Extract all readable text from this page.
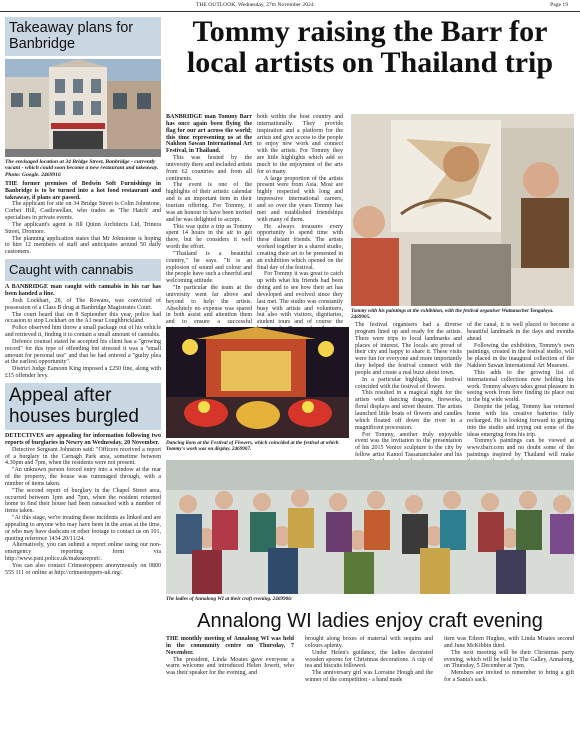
THE OUTLOOK, Wednesday, 27th November 2024	Page 19
Takeaway plans for Banbridge
The envisaged location at 34 Bridge Street, Banbridge - currently vacant - which could soon become a new restaurant and takeaway. Photo: Google. 2469916
THE former premises of Bedwin Soft Furnishings in Banbridge is to be turned into a hot food restaurant and takeaway, if plans are passed.
The applicant for site on 34 Bridge Street is Colin Johnstone, Corbet Hill, Castlewellan, who trades as 'The Hatch' and specialises in private events.
The applicant's agent is Jill Quinn Architects Ltd, Trinera Street, Dromore.
The planning application states that Mr Johnstone is hoping to hire 12 members of staff and anticipates around 50 daily customers.
Caught with cannabis
A BANBRIDGE man caught with cannabis in his car has been handed a fine.
Josh Lockhart, 28, of The Rowans, was convicted of possession of a Class B drug at Banbridge Magistrates Court.
The court heard that on 8 September this year, police had occasion to stop Lockhart on the A1 near Loughbrickland.
Police observed him throw a small package out of his vehicle and retrieved it, finding it to contain a small amount of cannabis.
Defence counsel stated he accepted his client has a "growing record" for this type of offending but stressed it was a "small amount for personal use" and that he had entered a "guilty plea at the earliest opportunity".
District Judge Eamonn King imposed a £250 fine, along with £15 offender levy.
Appeal after houses burgled
DETECTIVES are appealing for information following two reports of burglaries in Newry on Wednesday, 20 November.
Detective Sergeant Johnston said: "Officers received a report of a burglary in the Carnagh Park area, sometime between 4.30pm and 7pm, when the residents were not present.
"An unknown person forced entry into a window at the rear of the property, the house was rummaged through, with a number of items taken.
"The second report of burglary in the Chapel Street area, occurred between 1pm and 7pm, when the resident returned home to find their house had been ransacked with a number of items taken.
"At this stage, we're treating these incidents as linked and are appealing to anyone who may have been in the areas at the time, or who may have dashcam or other footage to contact us on 101, quoting reference 1434 20/11/24.
Alternatively, you can submit a report online using our non-emergency reporting form via http://www.psni.police.uk/makeareport/.
You can also contact Crimestoppers anonymously on 0800 555 111 or online at http://crimestoppers-uk.org/.
Tommy raising the Barr for local artists on Thailand trip
BANBRIDGE man Tommy Barr has once again been flying the flag for our art across the world; this time representing us at the Nakhon Sawan International Art Festival, in Thailand.
This was hosted by the university there and included artists from 62 countries and from all continents.
The event is one of the highlights of their artistic calendar and is an important item in their tourism offering. For Tommy, it was an honour to have been invited and he was delighted to accept.
This was quite a trip as Tommy spent 14 hours in the air to get there, but he considers it well worth the effort.
"Thailand is a beautiful country," he says. "It is an explosion of sound and colour and the people have such a cheerful and welcoming attitude.
"In particular the team at the university went far above and beyond to help the artists. Absolutely no expense was spared in both assist and attention them and to ensure a successful
both within the host country and internationally. They provide inspiration and a platform for the artists and give access to the people to enjoy new work and connect with the artists. For Tommy they are little highlights which add so much to the enjoyment of the arts for so many.
A large proportion of the artists present were from Asia. Most are highly respected with long and impressive international careers, and so over the years Tommy has met and established friendships with many of them.
He always treasures every opportunity to spend time with these distant friends. The artists worked together in a shared studio, creating their art to be presented in an exhibition which opened on the final day of the festival.
For Tommy it was great to catch up with what his friends had been doing and to see how their art has developed and evolved since they last met. The studio was constantly busy with artists and volunteers, but also with visitors, dignitaries, student tours and of course the
Tommy with his paintings at the exhibition, with the festival organiser Wuttanachet Tongaloya. 2469905.
Dancing lions at the Festival of Flowers, which coincided at the festival at which Tommy's work was on display. 2469907.
The festival organisers had a diverse program lined up and ready for the artists. There were trips to local landmarks and places of interest. The locals are proud of their city and happy to share it. These visits were fun for everyone and more importantly they helped the festival connect with the people and create a real buzz about town.
In a particular highlight, the festival coincided with the festival of flowers.
This resulted in a magical night for the artists with dancing dragons, fireworks, floral displays and street theatre. The artists launched little boats of flowers and candles which floated off down the river in a magnificent procession.
For Tommy, another truly enjoyable event was the invitation to the presentation of his 2015 Venice sculpture to the city by fellow artist Kamol Tassananchalee and his
of the canal, it is well placed to become a beautiful landmark in the days and months ahead.
Following the exhibition, Tommy's own paintings, created in the festival studio, will be placed in the inaugural collection of the Nakhon Sawan International Art Museum.
This adds to the growing list of international collections now holding his work. Tommy always takes great pleasure in seeing work from here finding its place out in the big wide world.
Despite the jetlag, Tommy has returned home with his creative batteries fully recharged. He is looking forward to getting into the studio and trying out some of the ideas emerging from his trip.
Tommy's paintings can be viewed at www.tbarr.com and no doubt some of the paintings inspired by Thailand will make
The ladies of Annalong WI at their craft evening. 2469906/
Annalong WI ladies enjoy craft evening
THE monthly meeting of Annalong WI was held in the community centre on Thursday, 7 November.
The president, Linda Moates gave everyone a warm welcome and introduced Helen Jowett, who was their speaker for the evening, and
brought along boxes of material with sequins and colours aplenty.
Under Helen's guidance, the ladies decorated wooden spoons for Christmas decorations. A cup of tea and biscuits followed.
The anniversary girl was Lorraine Hough and the winner of the competition - a hand made
item was Eileen Hughes, with Linda Moates second and June McKibbin third.
The next meeting will be their Christmas party evening, which will be held in The Galley, Annalong, on Thursday, 5 December at 7pm.
Members are invited to remember to bring a gift for a Santa's sack.
